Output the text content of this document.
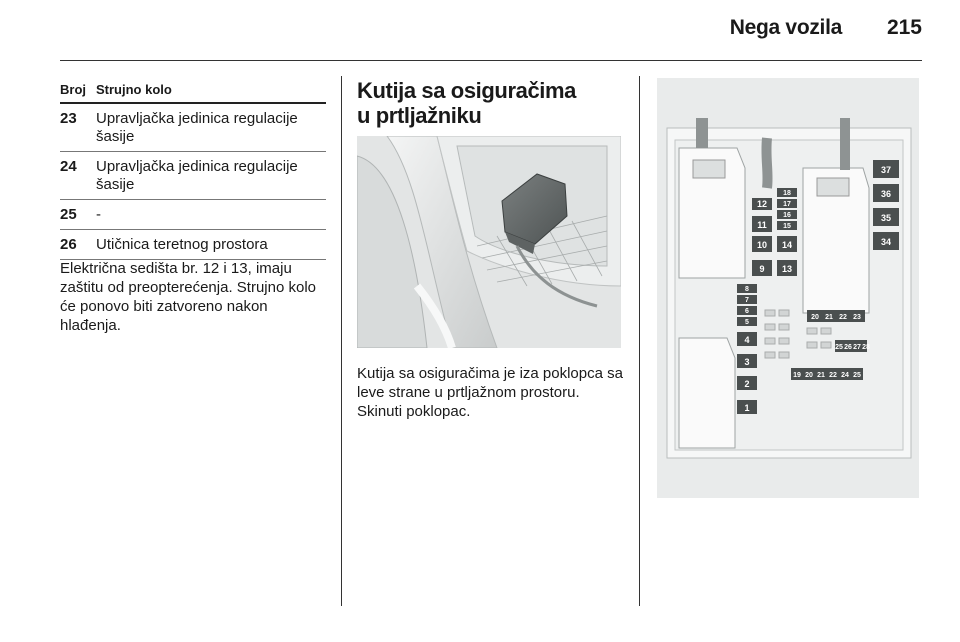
Nega vozila 215
Broj Strujno kolo
23	Upravljačka jedinica regulacije šasije
24	Upravljačka jedinica regulacije šasije
25	-
26	Utičnica teretnog prostora
Električna sedišta br. 12 i 13, imaju zaštitu od preopterećenja. Strujno kolo će ponovo biti zatvoreno nakon hlađenja.
Kutija sa osiguračima
u prtljažniku
Kutija sa osiguračima je iza poklopca sa leve strane u prtljažnom prostoru. Skinuti poklopac.
37
36
35
34
18
17
16
15
12
11
10 14
9 13
8
7
6
5
4
3
2
1
20 21 22 23
25 26 27 28
19 20 21 22 24 25
